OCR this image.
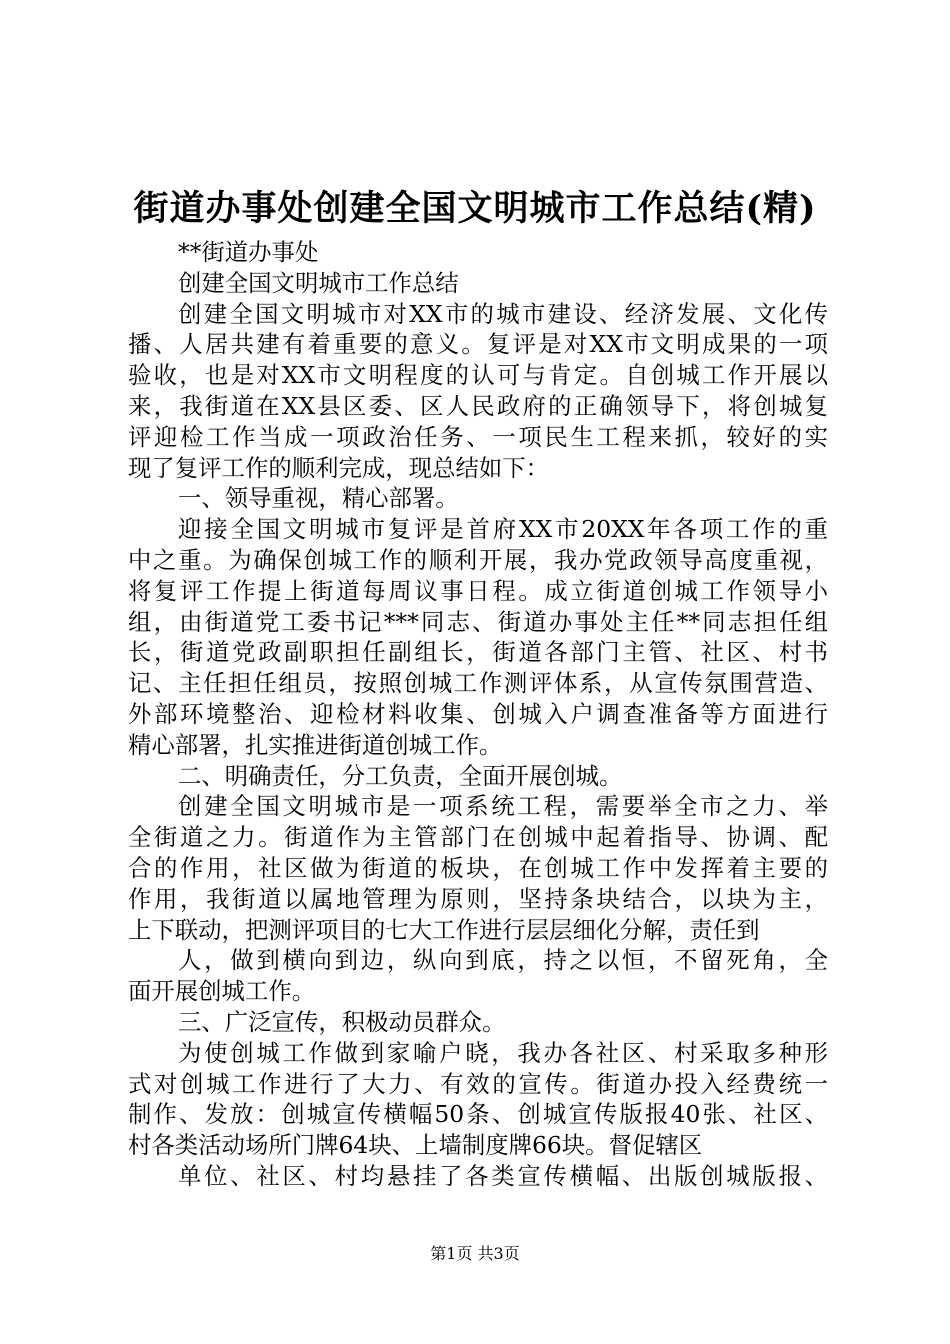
街道办事处创建全国文明城市工作总结(精)
**街道办事处
创建全国文明城市工作总结
创建全国文明城市对XX市的城市建设、经济发展、文化传
播、人居共建有着重要的意义。复评是对XX市文明成果的一项
验收，也是对XX市文明程度的认可与肯定。自创城工作开展以
来，我街道在XX县区委、区人民政府的正确领导下，将创城复
评迎检工作当成一项政治任务、一项民生工程来抓，较好的实
现了复评工作的顺利完成，现总结如下：
一、领导重视，精心部署。
迎接全国文明城市复评是首府XX市20XX年各项工作的重
中之重。为确保创城工作的顺利开展，我办党政领导高度重视，
将复评工作提上街道每周议事日程。成立街道创城工作领导小
组，由街道党工委书记***同志、街道办事处主任**同志担任组
长，街道党政副职担任副组长，街道各部门主管、社区、村书
记、主任担任组员，按照创城工作测评体系，从宣传氛围营造、
外部环境整治、迎检材料收集、创城入户调查准备等方面进行
精心部署，扎实推进街道创城工作。
二、明确责任，分工负责，全面开展创城。
创建全国文明城市是一项系统工程，需要举全市之力、举
全街道之力。街道作为主管部门在创城中起着指导、协调、配
合的作用，社区做为街道的板块，在创城工作中发挥着主要的
作用，我街道以属地管理为原则，坚持条块结合，以块为主，
上下联动，把测评项目的七大工作进行层层细化分解，责任到
人，做到横向到边，纵向到底，持之以恒，不留死角，全
面开展创城工作。
三、广泛宣传，积极动员群众。
为使创城工作做到家喻户晓，我办各社区、村采取多种形
式对创城工作进行了大力、有效的宣传。街道办投入经费统一
制作、发放：创城宣传横幅50条、创城宣传版报40张、社区、
村各类活动场所门牌64块、上墙制度牌66块。督促辖区
单位、社区、村均悬挂了各类宣传横幅、出版创城版报、
第1页 共3页
